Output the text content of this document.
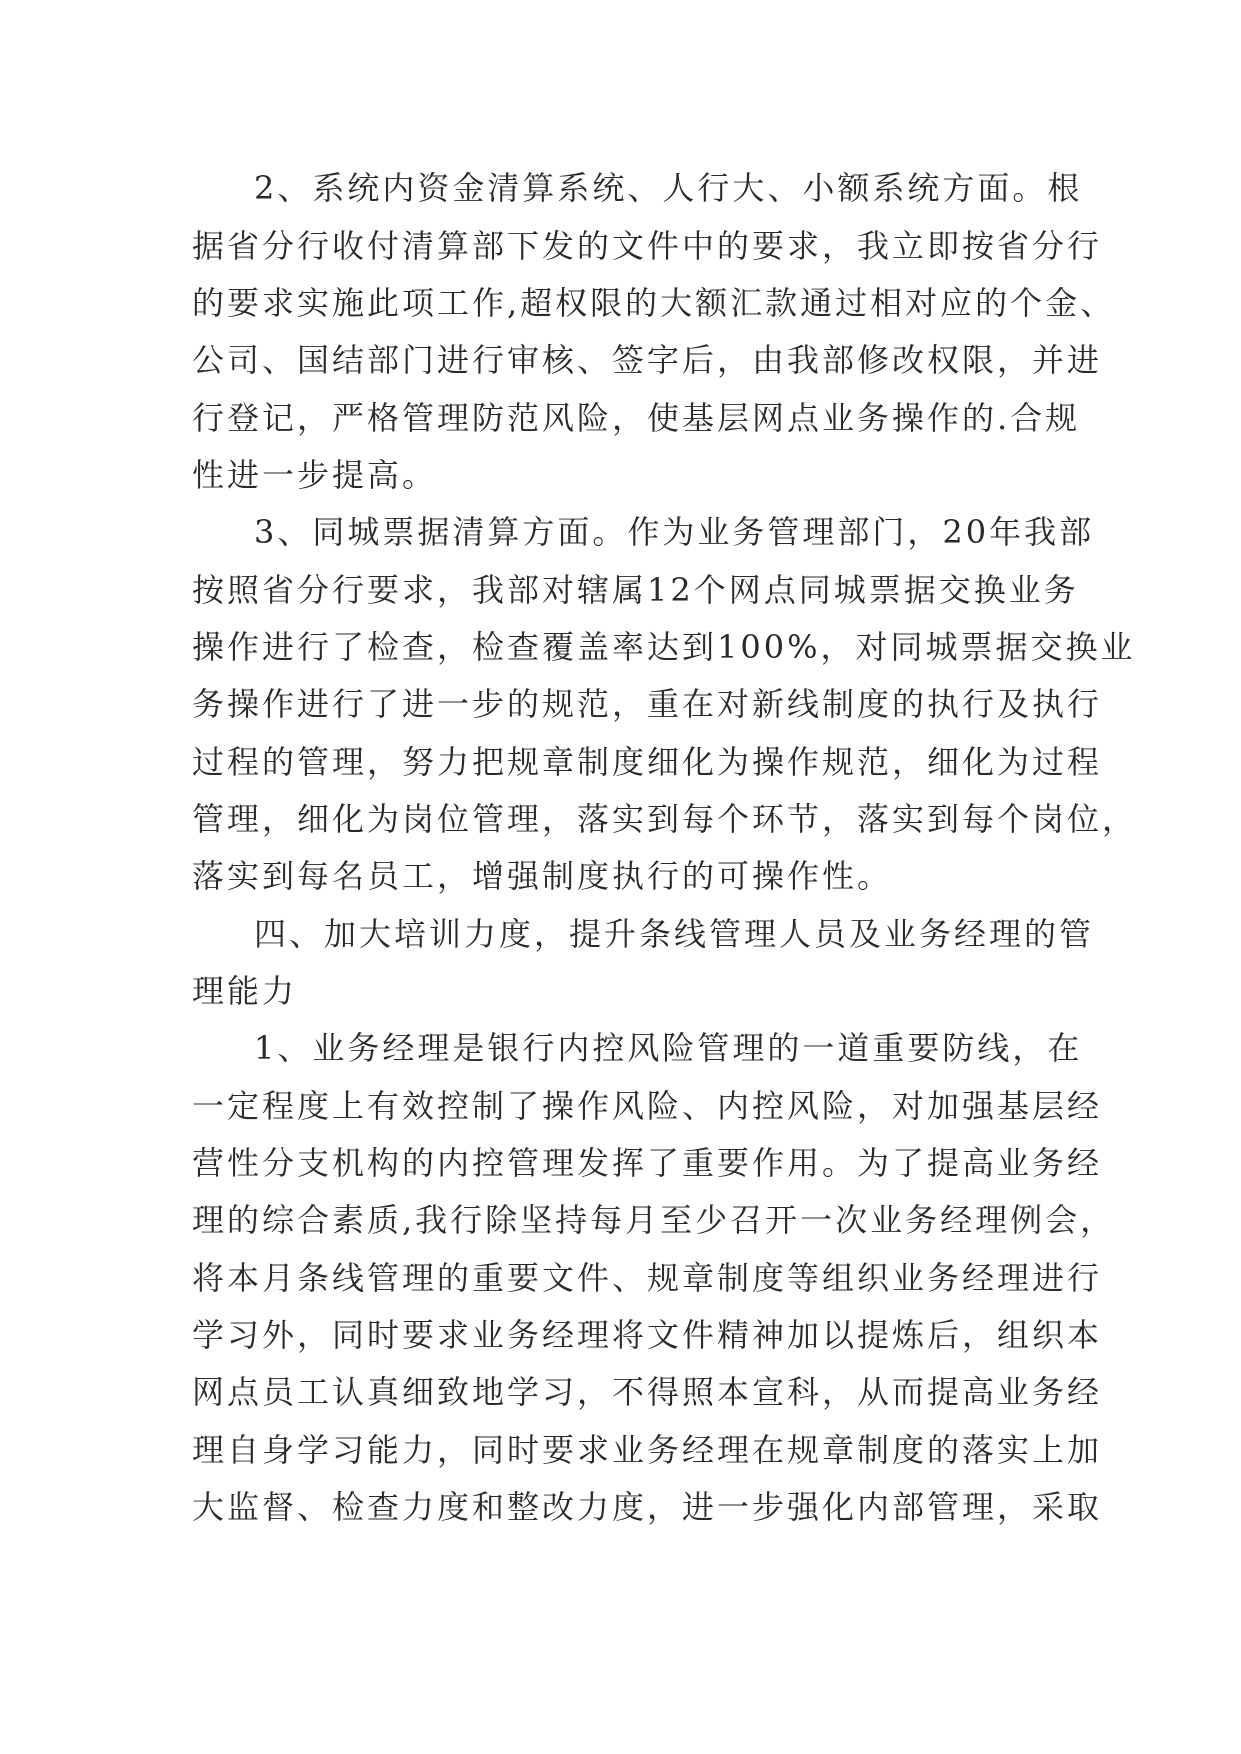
2、系统内资金清算系统、人行大、小额系统方面。根
据省分行收付清算部下发的文件中的要求，我立即按省分行
的要求实施此项工作,超权限的大额汇款通过相对应的个金、
公司、国结部门进行审核、签字后，由我部修改权限，并进
行登记，严格管理防范风险，使基层网点业务操作的.合规
性进一步提高。
3、同城票据清算方面。作为业务管理部门，20年我部
按照省分行要求，我部对辖属12个网点同城票据交换业务
操作进行了检查，检查覆盖率达到100%，对同城票据交换业
务操作进行了进一步的规范，重在对新线制度的执行及执行
过程的管理，努力把规章制度细化为操作规范，细化为过程
管理，细化为岗位管理，落实到每个环节，落实到每个岗位，
落实到每名员工，增强制度执行的可操作性。
四、加大培训力度，提升条线管理人员及业务经理的管
理能力
1、业务经理是银行内控风险管理的一道重要防线，在
一定程度上有效控制了操作风险、内控风险，对加强基层经
营性分支机构的内控管理发挥了重要作用。为了提高业务经
理的综合素质,我行除坚持每月至少召开一次业务经理例会，
将本月条线管理的重要文件、规章制度等组织业务经理进行
学习外，同时要求业务经理将文件精神加以提炼后，组织本
网点员工认真细致地学习，不得照本宣科，从而提高业务经
理自身学习能力，同时要求业务经理在规章制度的落实上加
大监督、检查力度和整改力度，进一步强化内部管理，采取
